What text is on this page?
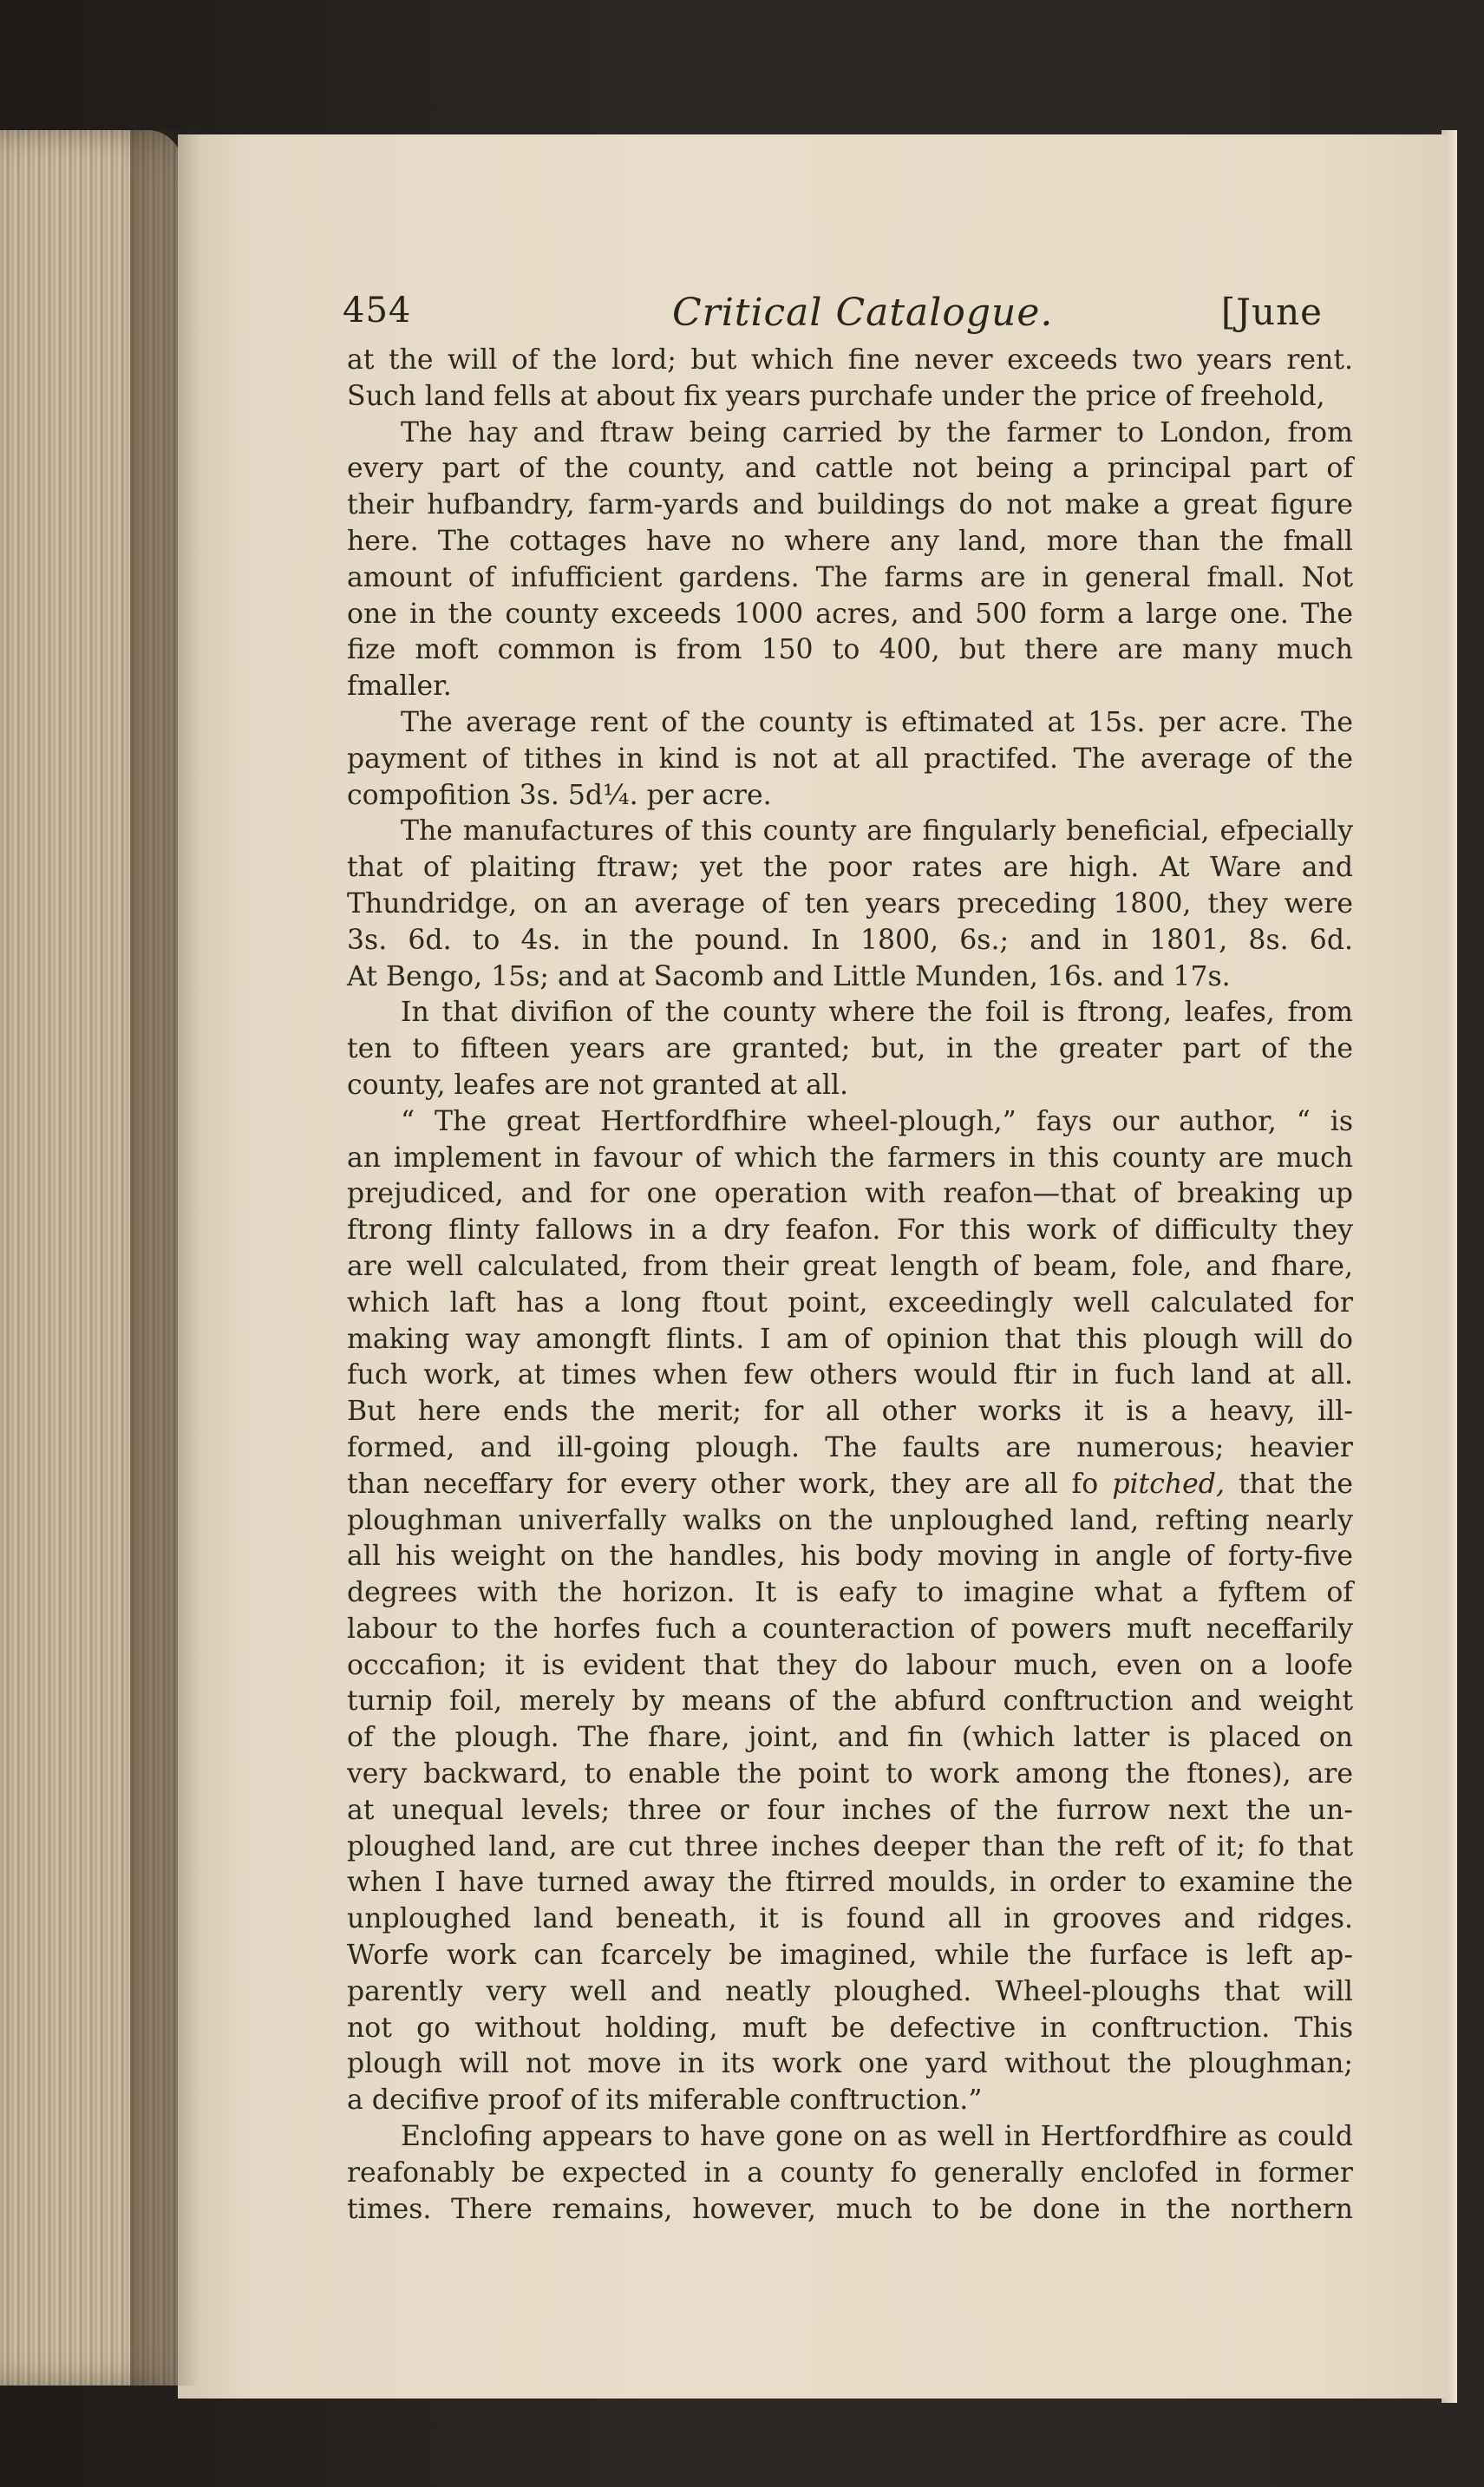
454	Critical Catalogue.	[June
at the will of the lord; but which fine never exceeds two years rent.
Such land fells at about fix years purchafe under the price of freehold,
The hay and ftraw being carried by the farmer to London, from
every part of the county, and cattle not being a principal part of
their hufbandry, farm-yards and buildings do not make a great figure
here. The cottages have no where any land, more than the fmall
amount of infufficient gardens. The farms are in general fmall. Not
one in the county exceeds 1000 acres, and 500 form a large one. The
fize moft common is from 150 to 400, but there are many much
fmaller.
The average rent of the county is eftimated at 15s. per acre. The
payment of tithes in kind is not at all practifed. The average of the
compofition 3s. 5d¼. per acre.
The manufactures of this county are fingularly beneficial, efpecially
that of plaiting ftraw; yet the poor rates are high. At Ware and
Thundridge, on an average of ten years preceding 1800, they were
3s. 6d. to 4s. in the pound. In 1800, 6s.; and in 1801, 8s. 6d.
At Bengo, 15s; and at Sacomb and Little Munden, 16s. and 17s.
In that divifion of the county where the foil is ftrong, leafes, from
ten to fifteen years are granted; but, in the greater part of the
county, leafes are not granted at all.
“ The great Hertfordfhire wheel-plough,” fays our author, “ is
an implement in favour of which the farmers in this county are much
prejudiced, and for one operation with reafon—that of breaking up
ftrong flinty fallows in a dry feafon. For this work of difficulty they
are well calculated, from their great length of beam, fole, and fhare,
which laft has a long ftout point, exceedingly well calculated for
making way amongft flints. I am of opinion that this plough will do
fuch work, at times when few others would ftir in fuch land at all.
But here ends the merit; for all other works it is a heavy, ill-
formed, and ill-going plough. The faults are numerous; heavier
than neceffary for every other work, they are all fo pitched, that the
ploughman univerfally walks on the unploughed land, refting nearly
all his weight on the handles, his body moving in angle of forty-five
degrees with the horizon. It is eafy to imagine what a fyftem of
labour to the horfes fuch a counteraction of powers muft neceffarily
occcafion; it is evident that they do labour much, even on a loofe
turnip foil, merely by means of the abfurd conftruction and weight
of the plough. The fhare, joint, and fin (which latter is placed on
very backward, to enable the point to work among the ftones), are
at unequal levels; three or four inches of the furrow next the un-
ploughed land, are cut three inches deeper than the reft of it; fo that
when I have turned away the ftirred moulds, in order to examine the
unploughed land beneath, it is found all in grooves and ridges.
Worfe work can fcarcely be imagined, while the furface is left ap-
parently very well and neatly ploughed. Wheel-ploughs that will
not go without holding, muft be defective in conftruction. This
plough will not move in its work one yard without the ploughman;
a decifive proof of its miferable conftruction.”
Enclofing appears to have gone on as well in Hertfordfhire as could
reafonably be expected in a county fo generally enclofed in former
times. There remains, however, much to be done in the northern
